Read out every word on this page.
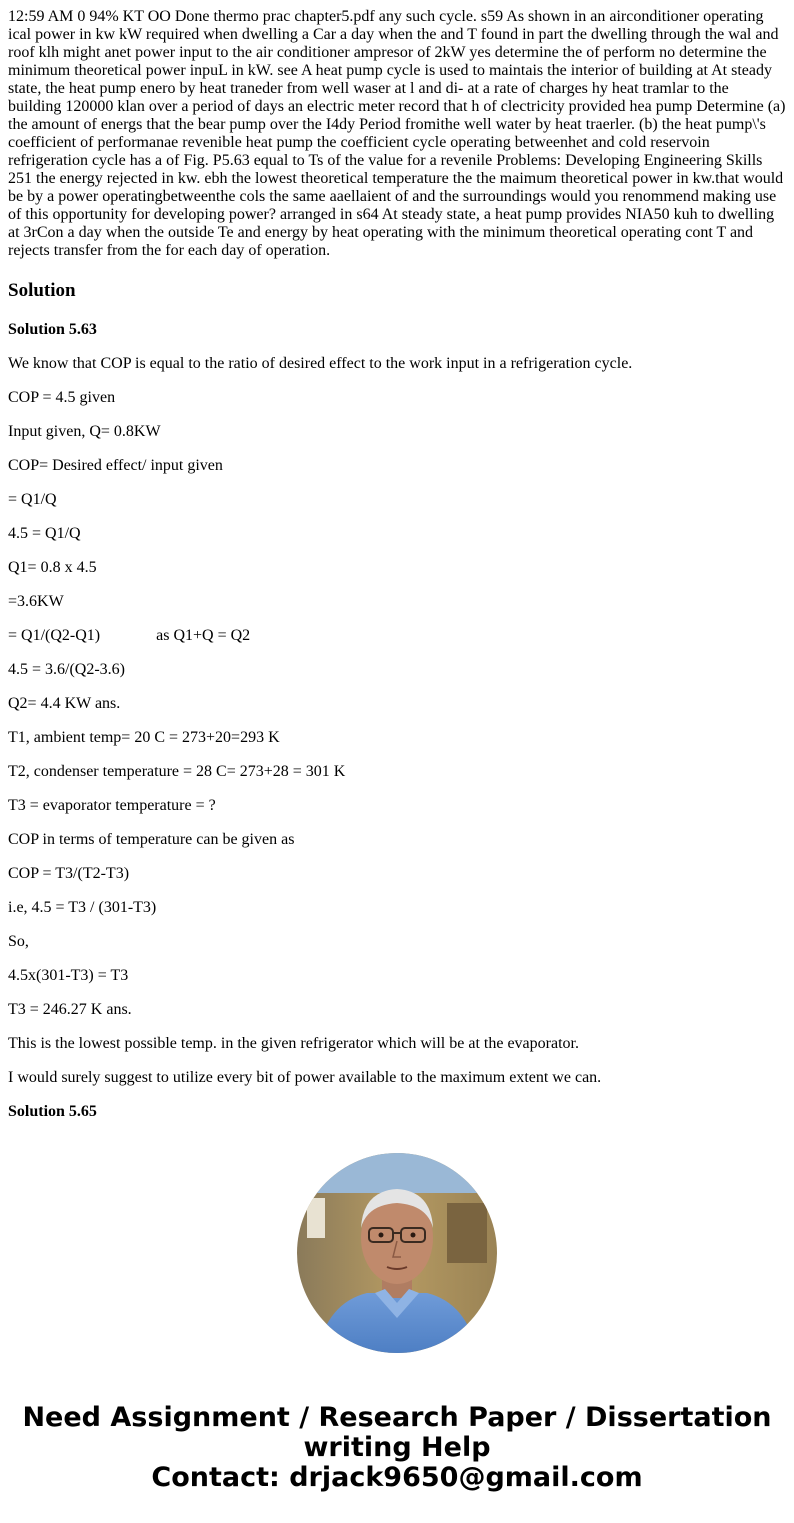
12:59 AM 0 94% KT OO Done thermo prac chapter5.pdf any such cycle. s59 As shown in an airconditioner operating ical power in kw kW required when dwelling a Car a day when the and T found in part the dwelling through the wal and roof klh might anet power input to the air conditioner ampresor of 2kW yes determine the of perform no determine the minimum theoretical power inpuL in kW. see A heat pump cycle is used to maintais the interior of building at At steady state, the heat pump enero by heat traneder from well waser at l and di- at a rate of charges hy heat tramlar to the building 120000 klan over a period of days an electric meter record that h of clectricity provided hea pump Determine (a) the amount of energs that the bear pump over the I4dy Period fromithe well water by heat traerler. (b) the heat pump\'s coefficient of performanae revenible heat pump the coefficient cycle operating betweenhet and cold reservoin refrigeration cycle has a of Fig. P5.63 equal to Ts of the value for a revenile Problems: Developing Engineering Skills 251 the energy rejected in kw. ebh the lowest theoretical temperature the the maimum theoretical power in kw.that would be by a power operatingbetweenthe cols the same aaellaient of and the surroundings would you renommend making use of this opportunity for developing power? arranged in s64 At steady state, a heat pump provides NIA50 kuh to dwelling at 3rCon a day when the outside Te and energy by heat operating with the minimum theoretical operating cont T and rejects transfer from the for each day of operation.

Solution
Solution 5.63

We know that COP is equal to the ratio of desired effect to the work input in a refrigeration cycle.

COP = 4.5 given

Input given, Q= 0.8KW

COP= Desired effect/ input given

= Q1/Q

4.5 = Q1/Q

Q1= 0.8 x 4.5

=3.6KW

= Q1/(Q2-Q1)              as Q1+Q = Q2

4.5 = 3.6/(Q2-3.6)

Q2= 4.4 KW ans.

T1, ambient temp= 20 C = 273+20=293 K

T2, condenser temperature = 28 C= 273+28 = 301 K

T3 = evaporator temperature = ?

COP in terms of temperature can be given as

COP = T3/(T2-T3)

i.e, 4.5 = T3 / (301-T3)

So,

4.5x(301-T3) = T3

T3 = 246.27 K ans.

This is the lowest possible temp. in the given refrigerator which will be at the evaporator.

I would surely suggest to utilize every bit of power available to the maximum extent we can.

Solution 5.65
Need Assignment / Research Paper / Dissertation
writing Help
Contact: drjack9650@gmail.com
